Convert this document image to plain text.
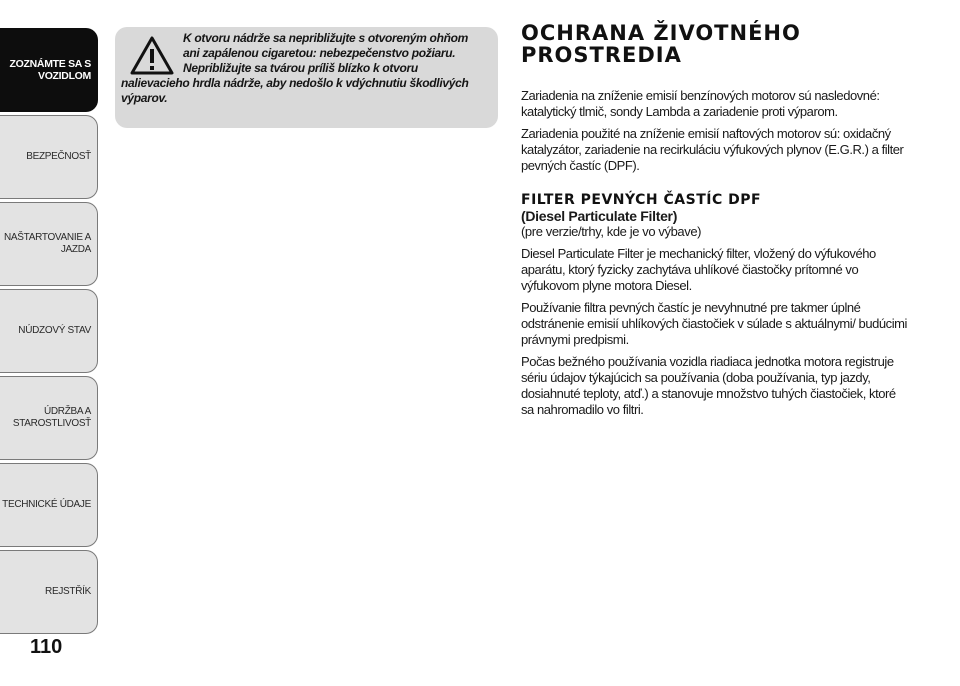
ZOZNÁMTE SA S VOZIDLOM
BEZPEČNOSŤ
NAŠTARTOVANIE A JAZDA
NÚDZOVÝ STAV
ÚDRŽBA A STAROSTLIVOSŤ
TECHNICKÉ ÚDAJE
REJSTŘÍK
110
K otvoru nádrže sa nepribližujte s otvoreným ohňom
ani zapálenou cigaretou: nebezpečenstvo požiaru.
Nepribližujte sa tvárou príliš blízko k otvoru
nalievacieho hrdla nádrže, aby nedošlo k vdýchnutiu škodlivých
výparov.
OCHRANA ŽIVOTNÉHO
PROSTREDIA

Zariadenia na zníženie emisií benzínových motorov sú nasledovné: katalytický tlmič, sondy Lambda a zariadenie proti výparom.

Zariadenia použité na zníženie emisií naftových motorov sú: oxidačný katalyzátor, zariadenie na recirkuláciu výfukových plynov (E.G.R.) a filter pevných častíc (DPF).

FILTER PEVNÝCH ČASTÍC DPF
(Diesel Particulate Filter)
(pre verzie/trhy, kde je vo výbave)

Diesel Particulate Filter je mechanický filter, vložený do výfukového aparátu, ktorý fyzicky zachytáva uhlíkové čiastočky prítomné vo výfukovom plyne motora Diesel.

Používanie filtra pevných častíc je nevyhnutné pre takmer úplné odstránenie emisií uhlíkových čiastočiek v súlade s aktuálnymi/ budúcimi právnymi predpismi.

Počas bežného používania vozidla riadiaca jednotka motora registruje sériu údajov týkajúcich sa používania (doba používania, typ jazdy, dosiahnuté teploty, atď.) a stanovuje množstvo tuhých čiastočiek, ktoré sa nahromadilo vo filtri.
